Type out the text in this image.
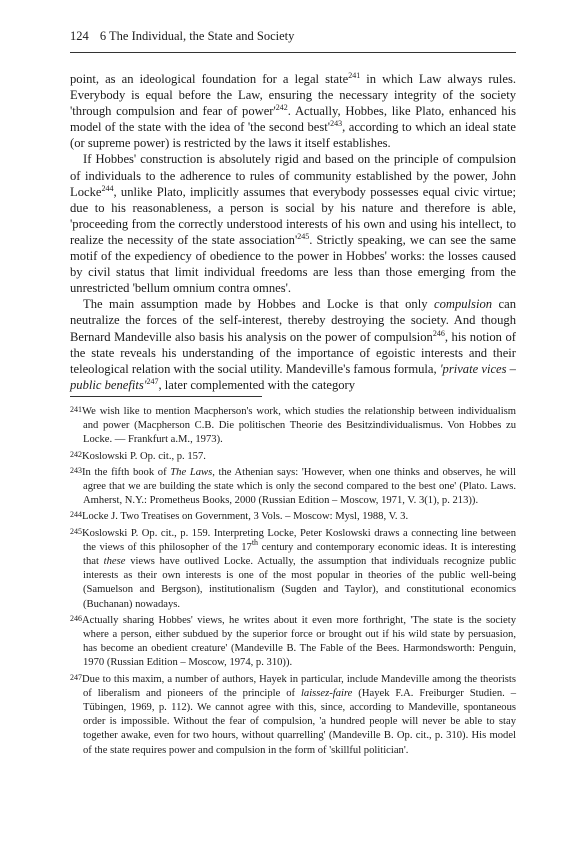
124 6 The Individual, the State and Society

point, as an ideological foundation for a legal state$^{241}$ in which Law always rules. Everybody is equal before the Law, ensuring the necessary integrity of the society 'through compulsion and fear of $power'^{242}$. Actually, Hobbes, like Plato, enhanced his model of the state with the idea of 'the second $best'^{243}$, according to which an ideal state (or supreme power) is restricted by the laws it itself establishes.

If Hobbes' construction is absolutely rigid and based on the principle of compulsion of individuals to the adherence to rules of community established by the power, John Locke$^{244}$, unlike Plato, implicitly assumes that everybody possesses equal civic virtue; due to his reasonableness, a person is social by his nature and therefore is able, 'proceeding from the correctly understood interests of his own and using his intellect, to realize the necessity of the state $association'^{245}$. Strictly speaking, we can see the same motif of the expediency of obedience to the power in Hobbes' works: the losses caused by civil status that limit individual freedoms are less than those emerging from the unrestricted 'bellum omnium contra omnes'.

The main assumption made by Hobbes and Locke is that only compulsion can neutralize the forces of the self-interest, thereby destroying the society. And though Bernard Mandeville also basis his analysis on the power of compulsion$^{246}$, his notion of the state reveals his understanding of the importance of egoistic interests and their teleological relation with the social utility. Mandeville's famous formula, 'private vices – public $benefits'^{247}$, later complemented with the category

241We wish like to mention Macpherson's work, which studies the relationship between individualism and power (Macpherson C.B. Die politischen Theorie des Besitzindividualismus. Von Hobbes zu Locke. — Frankfurt a.M., 1973).

242Koslowski P. Op. cit., p. 157.

243In the fifth book of The Laws, the Athenian says: 'However, when one thinks and observes, he will agree that we are building the state which is only the second compared to the best one' (Plato. Laws. Amherst, N.Y.: Prometheus Books, 2000 (Russian Edition – Moscow, 1971, V. 3(1), p. 213)).

244Locke J. Two Treatises on Government, 3 Vols. – Moscow: Mysl, 1988, V. 3.

245Koslowski P. Op. cit., p. 159. Interpreting Locke, Peter Koslowski draws a connecting line between the views of this philosopher of the 17th century and contemporary economic ideas. It is interesting that these views have outlived Locke. Actually, the assumption that individuals recognize public interests as their own interests is one of the most popular in theories of the public well-being (Samuelson and Bergson), institutionalism (Sugden and Taylor), and constitutional economics (Buchanan) nowadays.

246Actually sharing Hobbes' views, he writes about it even more forthright, 'The state is the society where a person, either subdued by the superior force or brought out if his wild state by persuasion, has become an obedient creature' (Mandeville B. The Fable of the Bees. Harmondsworth: Penguin, 1970 (Russian Edition – Moscow, 1974, p. 310)).

247Due to this maxim, a number of authors, Hayek in particular, include Mandeville among the theorists of liberalism and pioneers of the principle of laissez-faire (Hayek F.A. Freiburger Studien. – Tübingen, 1969, p. 112). We cannot agree with this, since, according to Mandeville, spontaneous order is impossible. Without the fear of compulsion, 'a hundred people will never be able to stay together awake, even for two hours, without quarrelling' (Mandeville B. Op. cit., p. 310). His model of the state requires power and compulsion in the form of 'skillful politician'.
